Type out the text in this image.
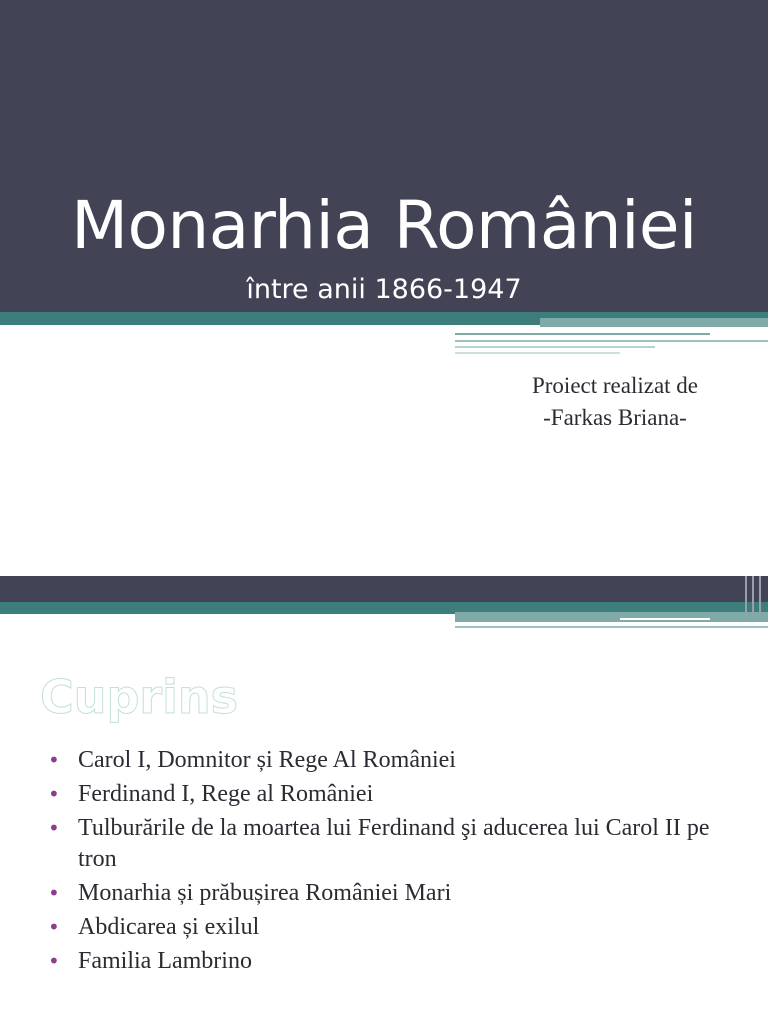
Monarhia României
între anii 1866-1947
Proiect realizat de
-Farkas Briana-
Cuprins
• Carol I, Domnitor și Rege Al României
• Ferdinand I, Rege al României
• Tulburările de la moartea lui Ferdinand şi aducerea lui Carol II pe tron
• Monarhia și prăbușirea României Mari
• Abdicarea și exilul
• Familia Lambrino
